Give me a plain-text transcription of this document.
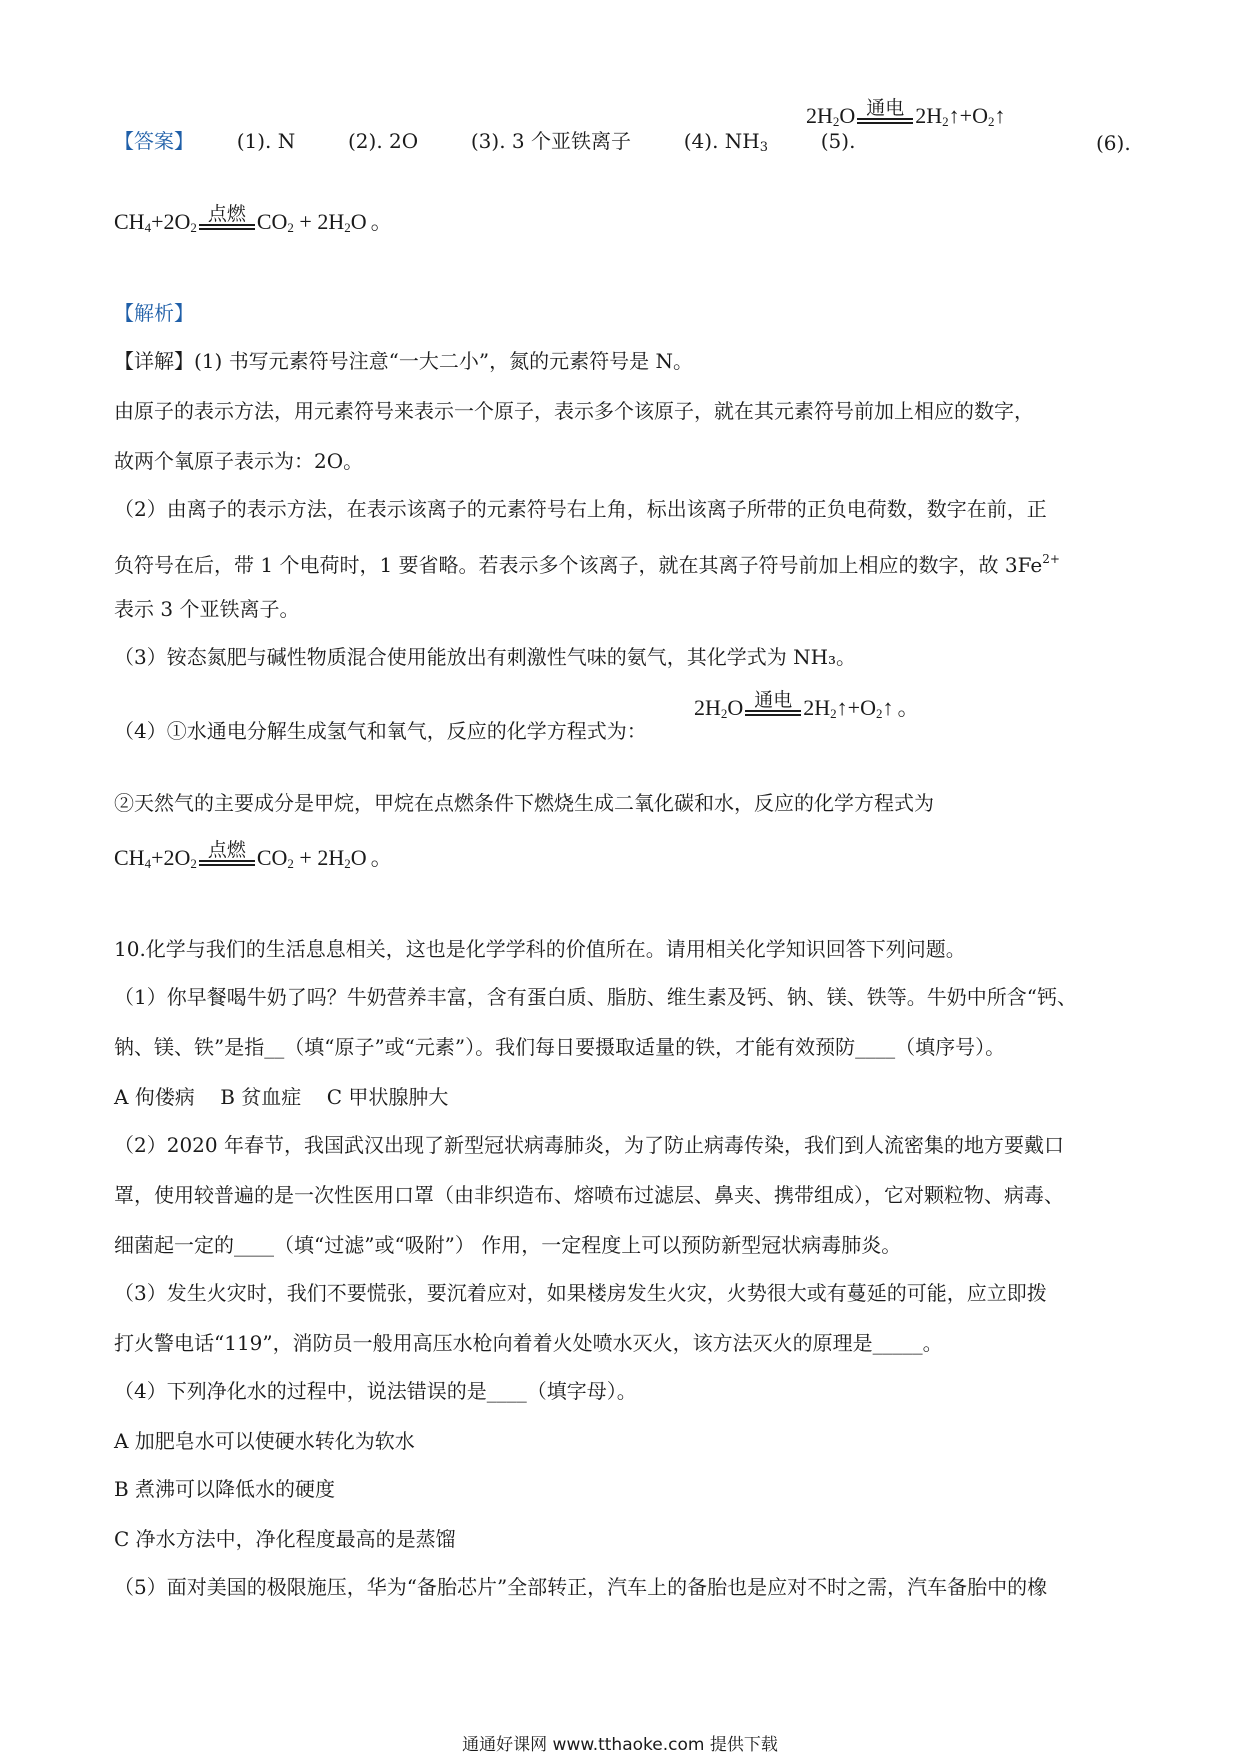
【答案】 (1). N	(2). 2O	(3). 3 个亚铁离子	(4). $NH_3$	(5).
$2H_2O$ 通电 $2H_2↑+O_2↑$
(6).
$CH_4+2O_2$
点燃 $CO_2 + 2H_2O$ 。
【解析】
【详解】(1) 书写元素符号注意“一大二小”，氮的元素符号是 N。
由原子的表示方法，用元素符号来表示一个原子，表示多个该原子，就在其元素符号前加上相应的数字，
故两个氧原子表示为：2O。
（2）由离子的表示方法，在表示该离子的元素符号右上角，标出该离子所带的正负电荷数，数字在前，正
负符号在后，带 1 个电荷时，1 要省略。若表示多个该离子，就在其离子符号前加上相应的数字，故 $3Fe^{2+}$
表示 3 个亚铁离子。
（3）铵态氮肥与碱性物质混合使用能放出有刺激性气味的氨气，其化学式为 NH₃。
（4）①水通电分解生成氢气和氧气，反应的化学方程式为：
$2H_2O$ 通电 $2H_2↑+O_2↑$ 。
②天然气的主要成分是甲烷，甲烷在点燃条件下燃烧生成二氧化碳和水，反应的化学方程式为
$CH_4+2O_2$
点燃 $CO_2 + 2H_2O$ 。
10.化学与我们的生活息息相关，这也是化学学科的价值所在。请用相关化学知识回答下列问题。
（1）你早餐喝牛奶了吗？牛奶营养丰富，含有蛋白质、脂肪、维生素及钙、钠、镁、铁等。牛奶中所含“钙、
钠、镁、铁”是指__（填“原子”或“元素”）。我们每日要摄取适量的铁，才能有效预防____（填序号）。
A 佝偻病    B 贫血症    C 甲状腺肿大
（2）2020 年春节，我国武汉出现了新型冠状病毒肺炎，为了防止病毒传染，我们到人流密集的地方要戴口
罩，使用较普遍的是一次性医用口罩（由非织造布、熔喷布过滤层、鼻夹、携带组成），它对颗粒物、病毒、
细菌起一定的____（填“过滤”或“吸附”） 作用，一定程度上可以预防新型冠状病毒肺炎。
（3）发生火灾时，我们不要慌张，要沉着应对，如果楼房发生火灾，火势很大或有蔓延的可能，应立即拨
打火警电话“119”，消防员一般用高压水枪向着着火处喷水灭火，该方法灭火的原理是_____。
（4）下列净化水的过程中，说法错误的是____（填字母）。
A 加肥皂水可以使硬水转化为软水
B 煮沸可以降低水的硬度
C 净水方法中，净化程度最高的是蒸馏
（5）面对美国的极限施压，华为“备胎芯片”全部转正，汽车上的备胎也是应对不时之需，汽车备胎中的橡
通通好课网 www.tthaoke.com 提供下载
